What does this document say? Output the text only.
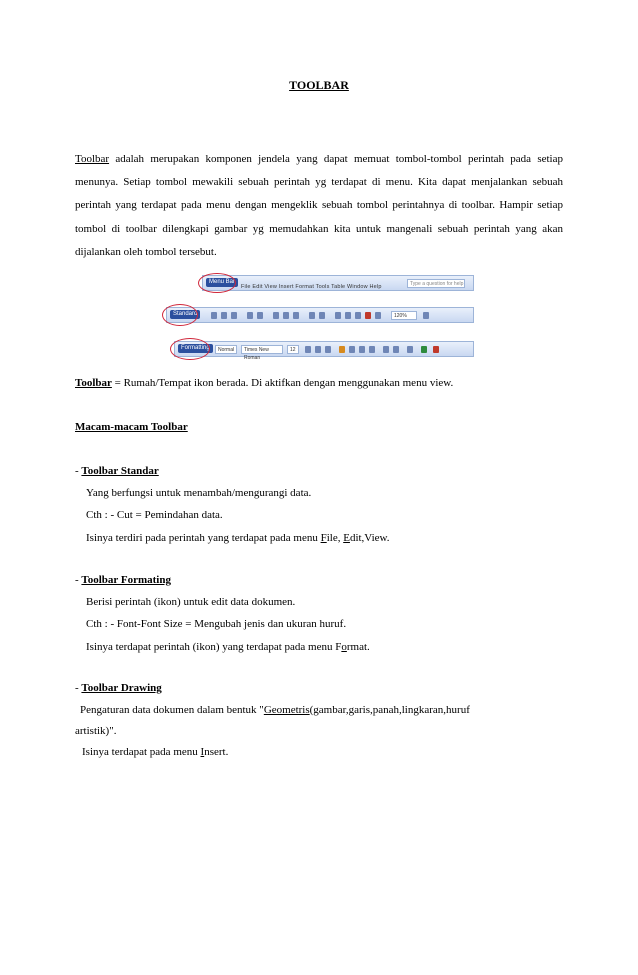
TOOLBAR
Toolbar adalah merupakan komponen jendela yang dapat memuat tombol-tombol perintah pada setiap menunya. Setiap tombol mewakili sebuah perintah yg terdapat di menu. Kita dapat menjalankan sebuah perintah yang terdapat pada menu dengan mengeklik sebuah tombol perintahnya di toolbar. Hampir setiap tombol di toolbar dilengkapi gambar yg memudahkan kita untuk mangenali sebuah perintah yang akan dijalankan oleh tombol tersebut.
Menu Bar
File Edit View Insert Format Tools Table Window Help	Type a question for help
Standard	120%
Formatting	Normal	Times New Roman
12
Toolbar = Rumah/Tempat ikon berada. Di aktifkan dengan menggunakan menu view.
Macam-macam Toolbar
- Toolbar Standar
Yang berfungsi untuk menambah/mengurangi data.
Cth : - Cut = Pemindahan data.
Isinya terdiri pada perintah yang terdapat pada menu File, Edit,View.
- Toolbar Formating
Berisi perintah (ikon) untuk edit data dokumen.
Cth : - Font-Font Size = Mengubah jenis dan ukuran huruf.
Isinya terdapat perintah (ikon) yang terdapat pada menu Format.
- Toolbar Drawing
Pengaturan data dokumen dalam bentuk "Geometris(gambar,garis,panah,lingkaran,huruf
artistik)".
Isinya terdapat pada menu Insert.
